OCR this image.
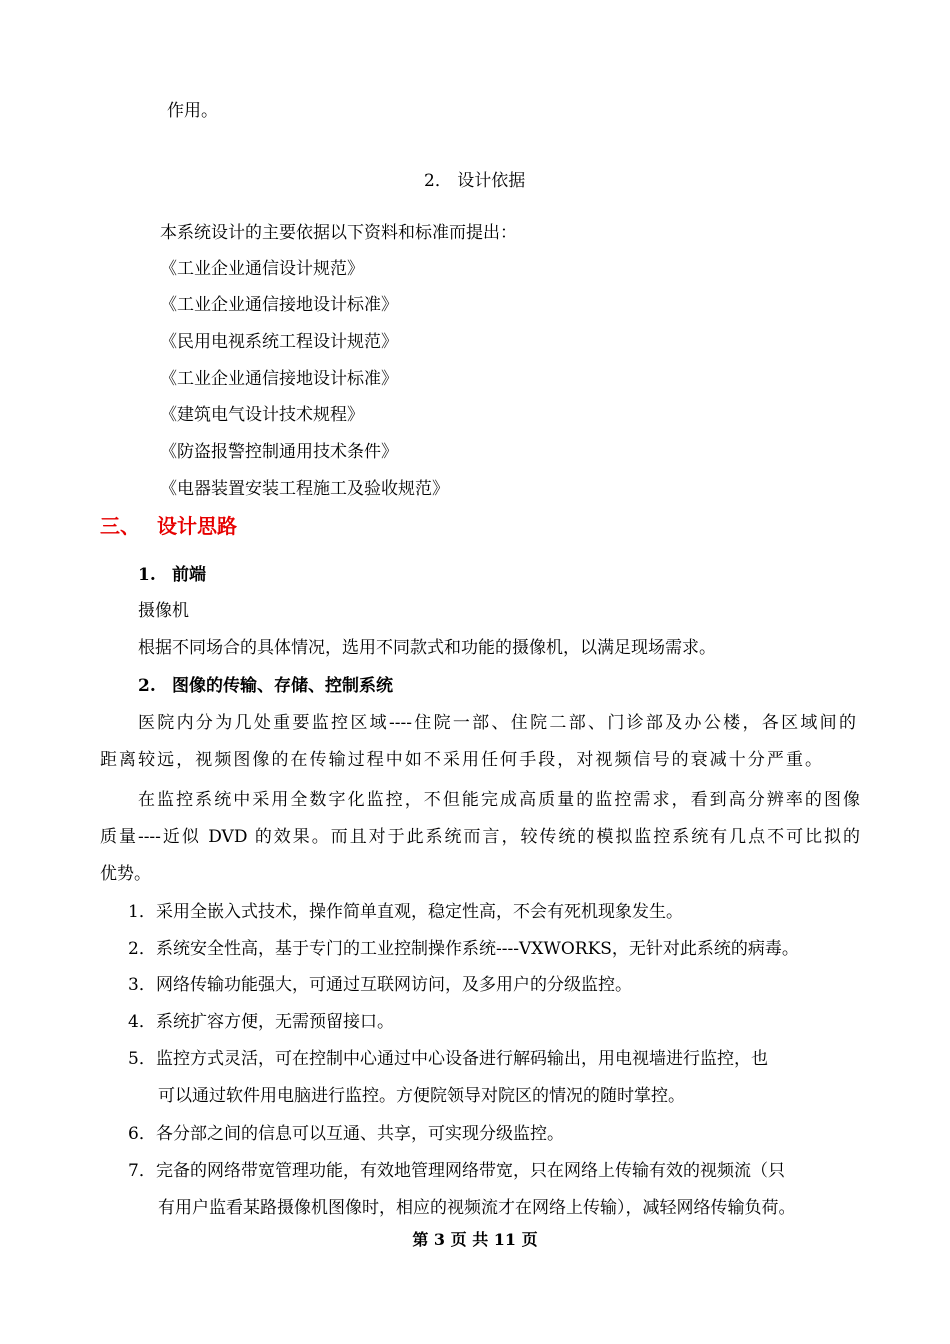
作用。
2． 设计依据
本系统设计的主要依据以下资料和标准而提出：
《工业企业通信设计规范》
《工业企业通信接地设计标准》
《民用电视系统工程设计规范》
《工业企业通信接地设计标准》
《建筑电气设计技术规程》
《防盗报警控制通用技术条件》
《电器装置安装工程施工及验收规范》
三、 设计思路
1. 前端
摄像机
根据不同场合的具体情况，选用不同款式和功能的摄像机，以满足现场需求。
2. 图像的传输、存储、控制系统
医院内分为几处重要监控区域----住院一部、住院二部、门诊部及办公楼，各区域间的
距离较远，视频图像的在传输过程中如不采用任何手段，对视频信号的衰减十分严重。
在监控系统中采用全数字化监控，不但能完成高质量的监控需求，看到高分辨率的图像
质量----近似 DVD 的效果。而且对于此系统而言，较传统的模拟监控系统有几点不可比拟的
优势。
1．采用全嵌入式技术，操作简单直观，稳定性高，不会有死机现象发生。
2．系统安全性高，基于专门的工业控制操作系统----VXWORKS，无针对此系统的病毒。
3．网络传输功能强大，可通过互联网访问，及多用户的分级监控。
4．系统扩容方便，无需预留接口。
5．监控方式灵活，可在控制中心通过中心设备进行解码输出，用电视墙进行监控，也
可以通过软件用电脑进行监控。方便院领导对院区的情况的随时掌控。
6．各分部之间的信息可以互通、共享，可实现分级监控。
7．完备的网络带宽管理功能，有效地管理网络带宽，只在网络上传输有效的视频流（只
有用户监看某路摄像机图像时，相应的视频流才在网络上传输），减轻网络传输负荷。
第 3 页 共 11 页
